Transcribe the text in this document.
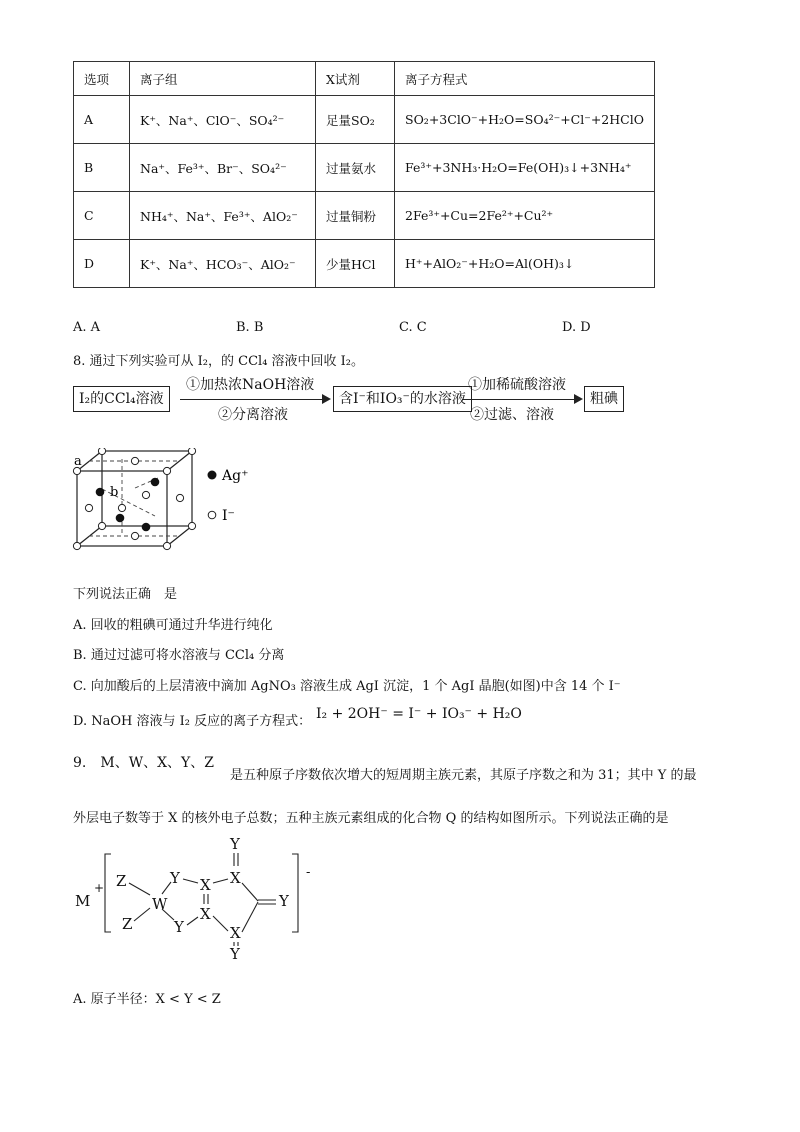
选项	离子组	X试剂	离子方程式
A	K⁺、Na⁺、ClO⁻、SO₄²⁻	足量SO₂	SO₂+3ClO⁻+H₂O=SO₄²⁻+Cl⁻+2HClO
B	Na⁺、Fe³⁺、Br⁻、SO₄²⁻	过量氨水	Fe³⁺+3NH₃·H₂O=Fe(OH)₃↓+3NH₄⁺
C	NH₄⁺、Na⁺、Fe³⁺、AlO₂⁻	过量铜粉	2Fe³⁺+Cu=2Fe²⁺+Cu²⁺
D	K⁺、Na⁺、HCO₃⁻、AlO₂⁻	少量HCl	H⁺+AlO₂⁻+H₂O=Al(OH)₃↓
A. A	B. B	C. C	D. D
8. 通过下列实验可从 I₂，的 CCl₄ 溶液中回收 I₂。
I₂的CCl₄溶液
①加热浓NaOH溶液
②分离溶液
含I⁻和IO₃⁻的水溶液
①加稀硫酸溶液
②过滤、溶液
粗碘
a
b
Ag⁺
I⁻
下列说法正确　是
A. 回收的粗碘可通过升华进行纯化
B. 通过过滤可将水溶液与 CCl₄ 分离
C. 向加酸后的上层清液中滴加 AgNO₃ 溶液生成 AgI 沉淀，1 个 AgI 晶胞(如图)中含 14 个 I⁻
D. NaOH 溶液与 I₂ 反应的离子方程式： I₂ + 2OH⁻ = I⁻ + IO₃⁻ + H₂O
9.　M、W、X、Y、Z
是五种原子序数依次增大的短周期主族元素，其原子序数之和为 31；其中 Y 的最
外层电子数等于 X 的核外电子总数；五种主族元素组成的化合物 Q 的结构如图所示。下列说法正确的是
M
+ Z
Z
W
Y
Y
X
X
X
X
Y
Y
Y
-
A. 原子半径：X < Y < Z
